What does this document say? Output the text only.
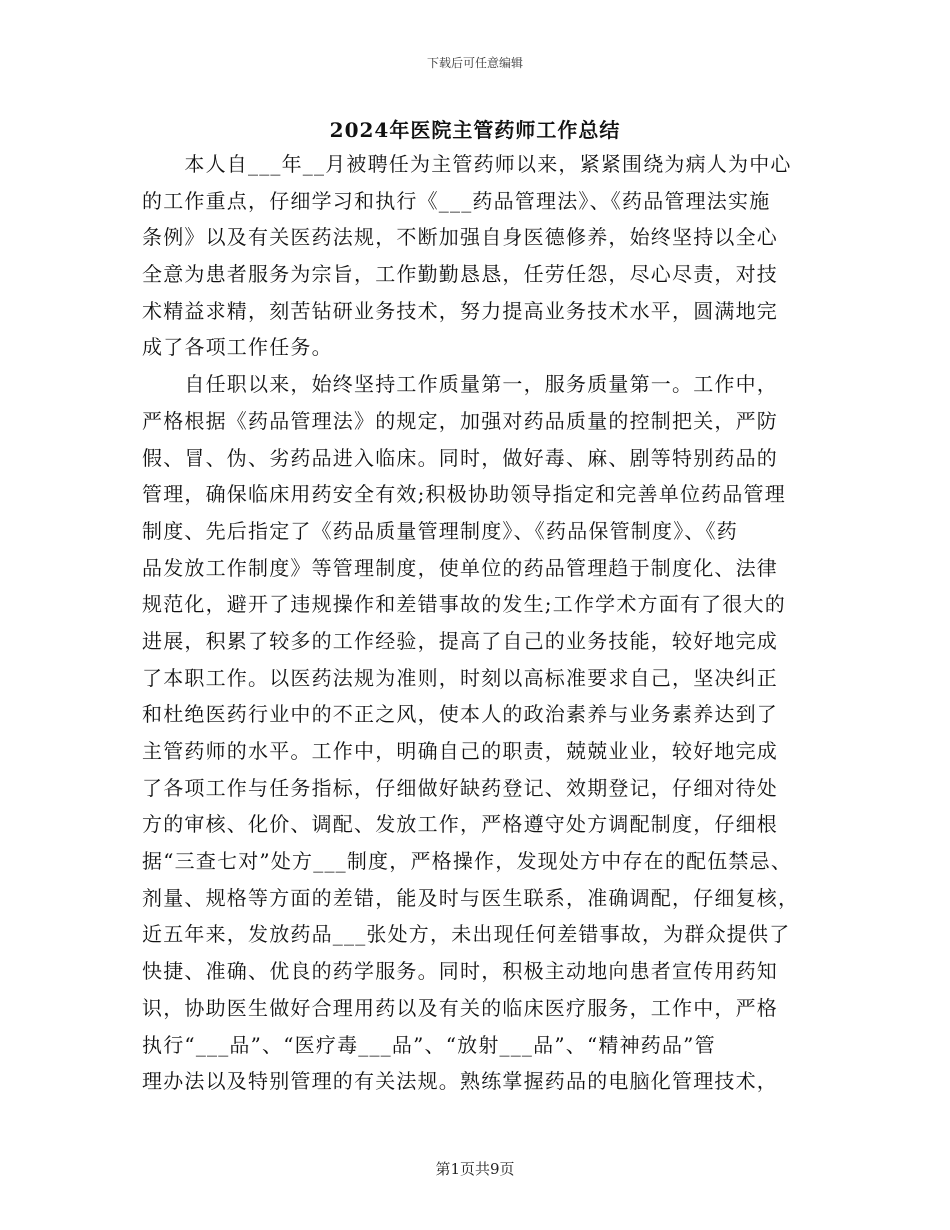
下载后可任意编辑
2024年医院主管药师工作总结
　　本人自___年__月被聘任为主管药师以来，紧紧围绕为病人为中心
的工作重点，仔细学习和执行《___药品管理法》、《药品管理法实施
条例》以及有关医药法规，不断加强自身医德修养，始终坚持以全心
全意为患者服务为宗旨，工作勤勤恳恳，任劳任怨，尽心尽责，对技
术精益求精，刻苦钻研业务技术，努力提高业务技术水平，圆满地完
成了各项工作任务。
　　自任职以来，始终坚持工作质量第一，服务质量第一。工作中，
严格根据《药品管理法》的规定，加强对药品质量的控制把关，严防
假、冒、伪、劣药品进入临床。同时，做好毒、麻、剧等特别药品的
管理，确保临床用药安全有效;积极协助领导指定和完善单位药品管理
制度、先后指定了《药品质量管理制度》、《药品保管制度》、《药
品发放工作制度》等管理制度，使单位的药品管理趋于制度化、法律
规范化，避开了违规操作和差错事故的发生;工作学术方面有了很大的
进展，积累了较多的工作经验，提高了自己的业务技能，较好地完成
了本职工作。以医药法规为准则，时刻以高标准要求自己，坚决纠正
和杜绝医药行业中的不正之风，使本人的政治素养与业务素养达到了
主管药师的水平。工作中，明确自己的职责，兢兢业业，较好地完成
了各项工作与任务指标，仔细做好缺药登记、效期登记，仔细对待处
方的审核、化价、调配、发放工作，严格遵守处方调配制度，仔细根
据“三查七对”处方___制度，严格操作，发现处方中存在的配伍禁忌、
剂量、规格等方面的差错，能及时与医生联系，准确调配，仔细复核，
近五年来，发放药品___张处方，未出现任何差错事故，为群众提供了
快捷、准确、优良的药学服务。同时，积极主动地向患者宣传用药知
识，协助医生做好合理用药以及有关的临床医疗服务，工作中，严格
执行“___品”、“医疗毒___品”、“放射___品”、“精神药品”管
理办法以及特别管理的有关法规。熟练掌握药品的电脑化管理技术，
第1页共9页
